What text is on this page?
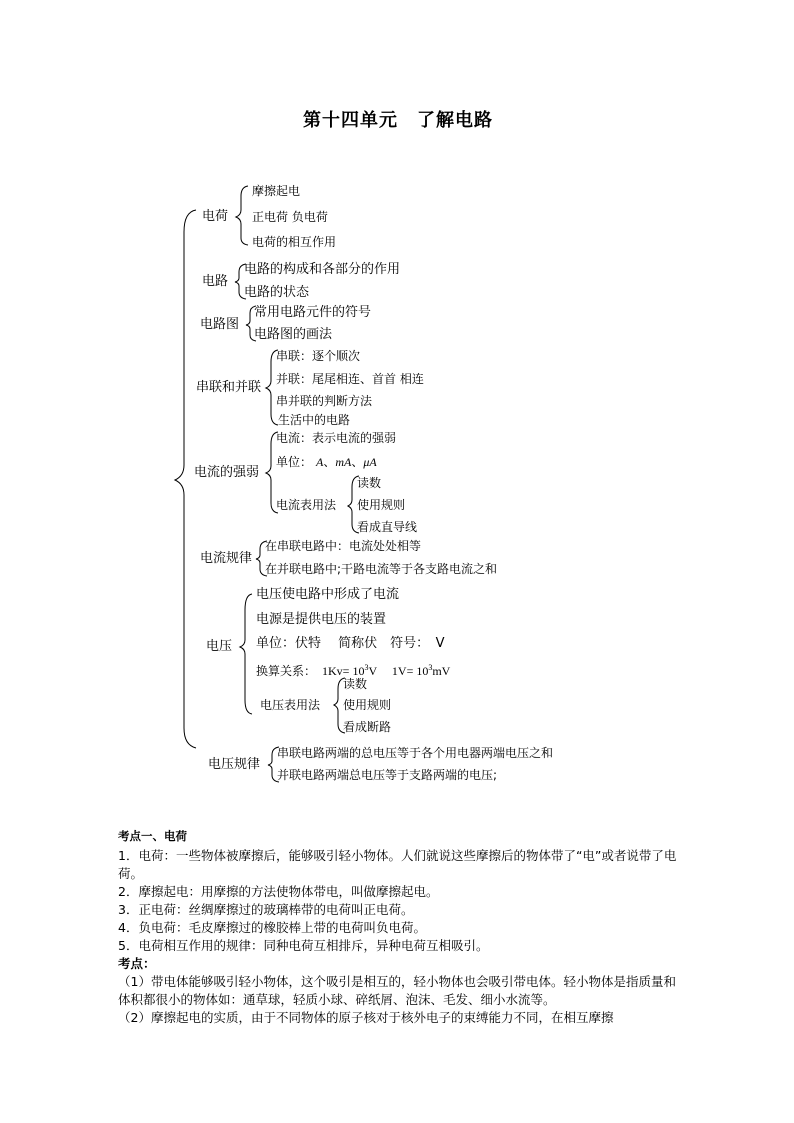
第十四单元　了解电路
电荷
摩擦起电
正电荷 负电荷
电荷的相互作用
电路
电路的构成和各部分的作用
电路的状态
电路图
常用电路元件的符号
电路图的画法
串联和并联
串联：逐个顺次
并联：尾尾相连、首首 相连
串并联的判断方法
生活中的电路
电流的强弱
电流：表示电流的强弱
单位： A、mA、μA
电流表用法
读数
使用规则
看成直导线
电流规律
在串联电路中：电流处处相等
在并联电路中;干路电流等于各支路电流之和
电压
电压使电路中形成了电流
电源是提供电压的装置
单位：伏特　 简称伏　符号：　V
换算关系： $1Kv= 10^3V$　 $1V= 10^3mV$
电压表用法
读数
使用规则
看成断路
电压规律
串联电路两端的总电压等于各个用电器两端电压之和
并联电路两端总电压等于支路两端的电压;

考点一、电荷

1．电荷：一些物体被摩擦后，能够吸引轻小物体。人们就说这些摩擦后的物体带了“电”或者说带了电荷。

2．摩擦起电：用摩擦的方法使物体带电，叫做摩擦起电。

3．正电荷：丝绸摩擦过的玻璃棒带的电荷叫正电荷。

4．负电荷：毛皮摩擦过的橡胶棒上带的电荷叫负电荷。

5．电荷相互作用的规律：同种电荷互相排斥，异种电荷互相吸引。

考点：

（1）带电体能够吸引轻小物体，这个吸引是相互的，轻小物体也会吸引带电体。轻小物体是指质量和体积都很小的物体如：通草球，轻质小球、碎纸屑、泡沫、毛发、细小水流等。

（2）摩擦起电的实质，由于不同物体的原子核对于核外电子的束缚能力不同，在相互摩擦
